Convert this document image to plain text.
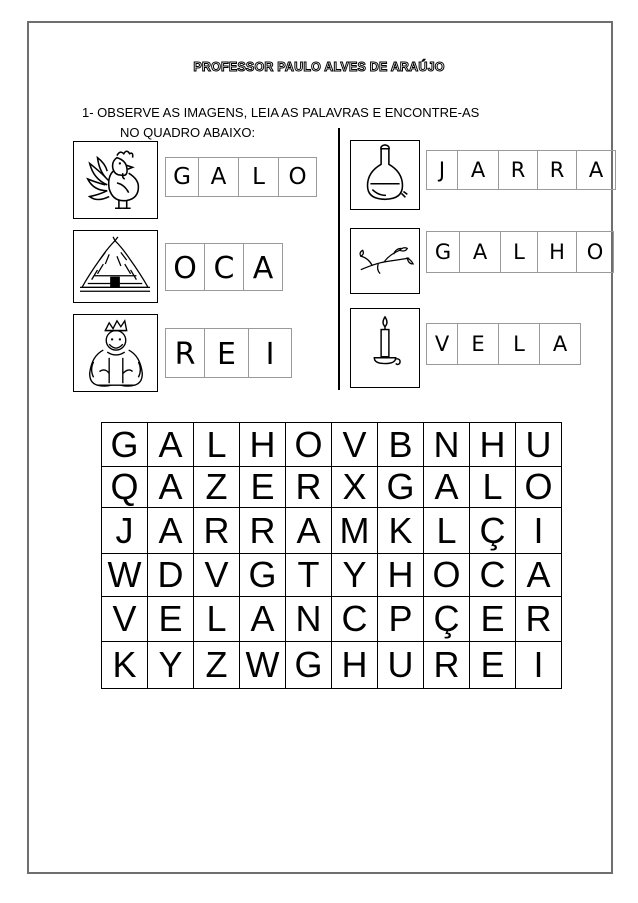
PROFESSOR PAULO ALVES DE ARAÚJO
1- OBSERVE AS IMAGENS, LEIA AS PALAVRAS E ENCONTRE-AS
NO QUADRO ABAIXO:
G A	L	O
O C A
R E I
J	A	R	R	A
G	A	L	H	O
V	E	L	A
G	A	L	H	O	V	B	N	H	U
Q	A	Z	E	R	X	G	A	L	O
J	A	R	R	A	M	K	L	Ç	I
W	D	V	G	T	Y	H	O	C	A
V	E	L	A	N	C	P	Ç	E	R
K	Y	Z	W	G	H	U	R	E	I
